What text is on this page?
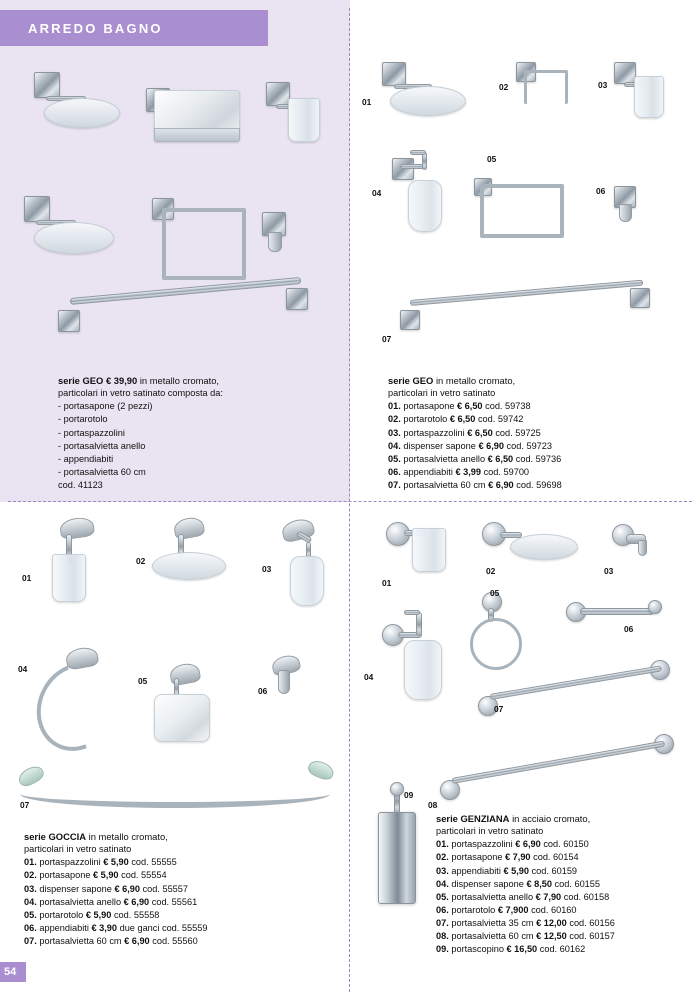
ARREDO BAGNO
54
serie GEO € 39,90 in metallo cromato,
particolari in vetro satinato composta da:
- portasapone (2 pezzi)
- portarotolo
- portaspazzolini
- portasalvietta anello
- appendiabiti
- portasalvietta 60 cm
cod. 41123
01
02	03
04
05
06
07
serie GEO in metallo cromato,
particolari in vetro satinato
01. portasapone € 6,50 cod. 59738
02. portarotolo € 6,50 cod. 59742
03. portaspazzolini € 6,50 cod. 59725
04. dispenser sapone € 6,90 cod. 59723
05. portasalvietta anello € 6,50 cod. 59736
06. appendiabiti € 3,99 cod. 59700
07. portasalvietta 60 cm € 6,90 cod. 59698
01
02
03
04
05
06
07
serie GOCCIA in metallo cromato,
particolari in vetro satinato
01. portaspazzolini € 5,90 cod. 55555
02. portasapone € 5,90 cod. 55554
03. dispenser sapone € 6,90 cod. 55557
04. portasalvietta anello € 6,90 cod. 55561
05. portarotolo € 5,90 cod. 55558
06. appendiabiti € 3,90 due ganci cod. 55559
07. portasalvietta 60 cm € 6,90 cod. 55560
01
02	03
06
05
04
07
08
09
serie GENZIANA in acciaio cromato,
particolari in vetro satinato
01. portaspazzolini € 6,90 cod. 60150
02. portasapone € 7,90 cod. 60154
03. appendiabiti € 5,90 cod. 60159
04. dispenser sapone € 8,50 cod. 60155
05. portasalvietta anello € 7,90 cod. 60158
06. portarotolo € 7,900 cod. 60160
07. portasalvietta 35 cm € 12,00 cod. 60156
08. portasalvietta 60 cm € 12,50 cod. 60157
09. portascopino € 16,50 cod. 60162
